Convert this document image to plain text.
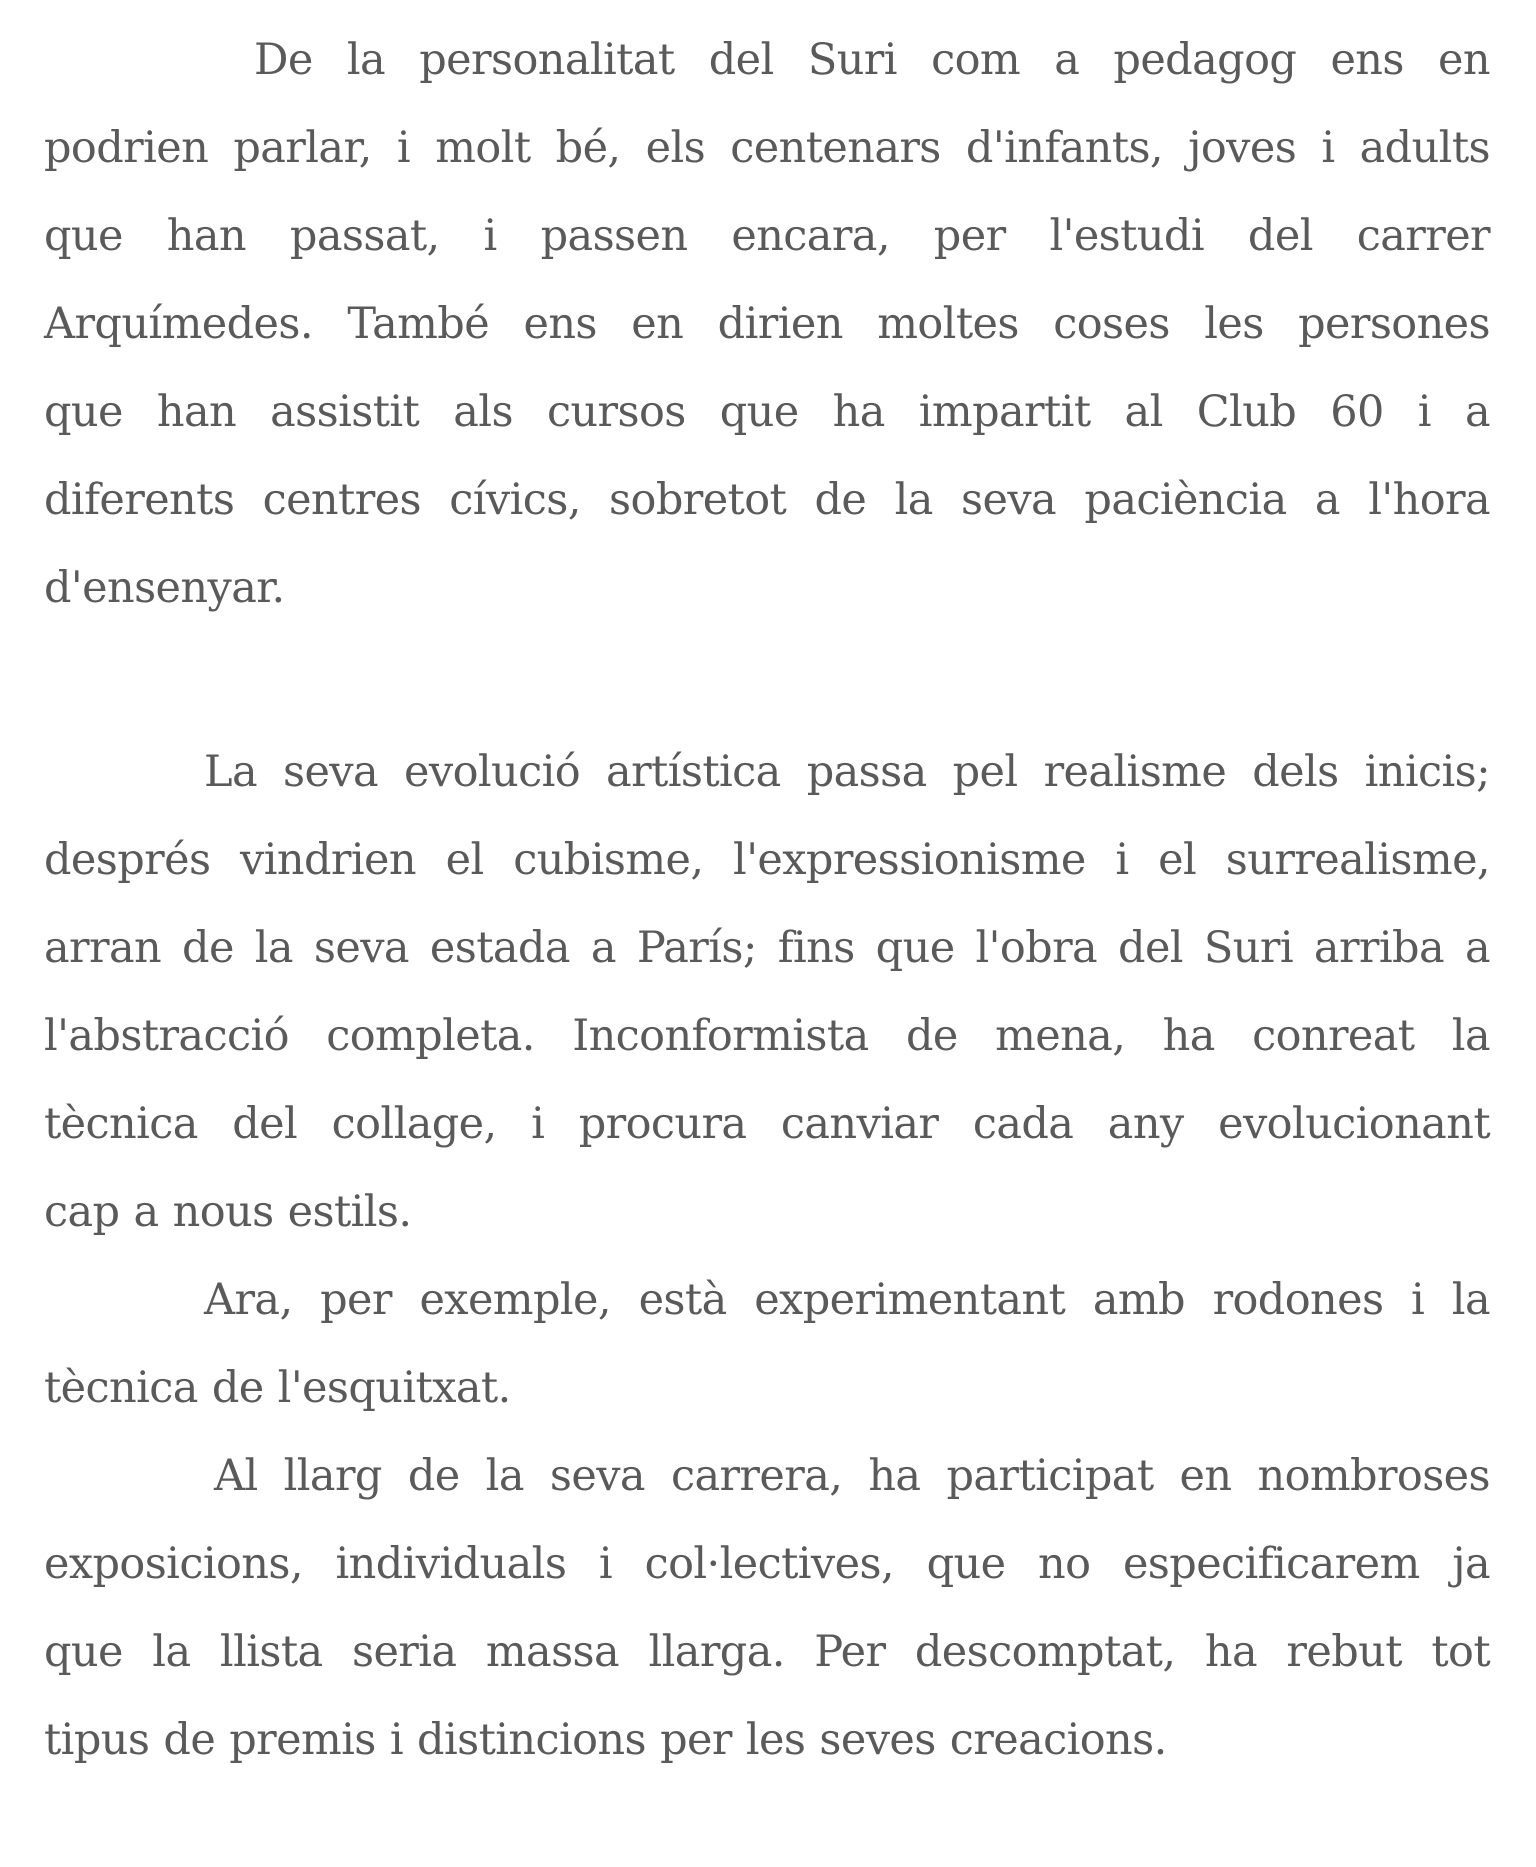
De la personalitat del Suri com a pedagog ens en
podrien parlar, i molt bé, els centenars d'infants, joves i adults
que han passat, i passen encara, per l'estudi del carrer
Arquímedes. També ens en dirien moltes coses les persones
que han assistit als cursos que ha impartit al Club 60 i a
diferents centres cívics, sobretot de la seva paciència a l'hora
d'ensenyar.
La seva evolució artística passa pel realisme dels inicis;
després vindrien el cubisme, l'expressionisme i el surrealisme,
arran de la seva estada a París; fins que l'obra del Suri arriba a
l'abstracció completa. Inconformista de mena, ha conreat la
tècnica del collage, i procura canviar cada any evolucionant
cap a nous estils.
Ara, per exemple, està experimentant amb rodones i la
tècnica de l'esquitxat.
Al llarg de la seva carrera, ha participat en nombroses
exposicions, individuals i col·lectives, que no especificarem ja
que la llista seria massa llarga. Per descomptat, ha rebut tot
tipus de premis i distincions per les seves creacions.
